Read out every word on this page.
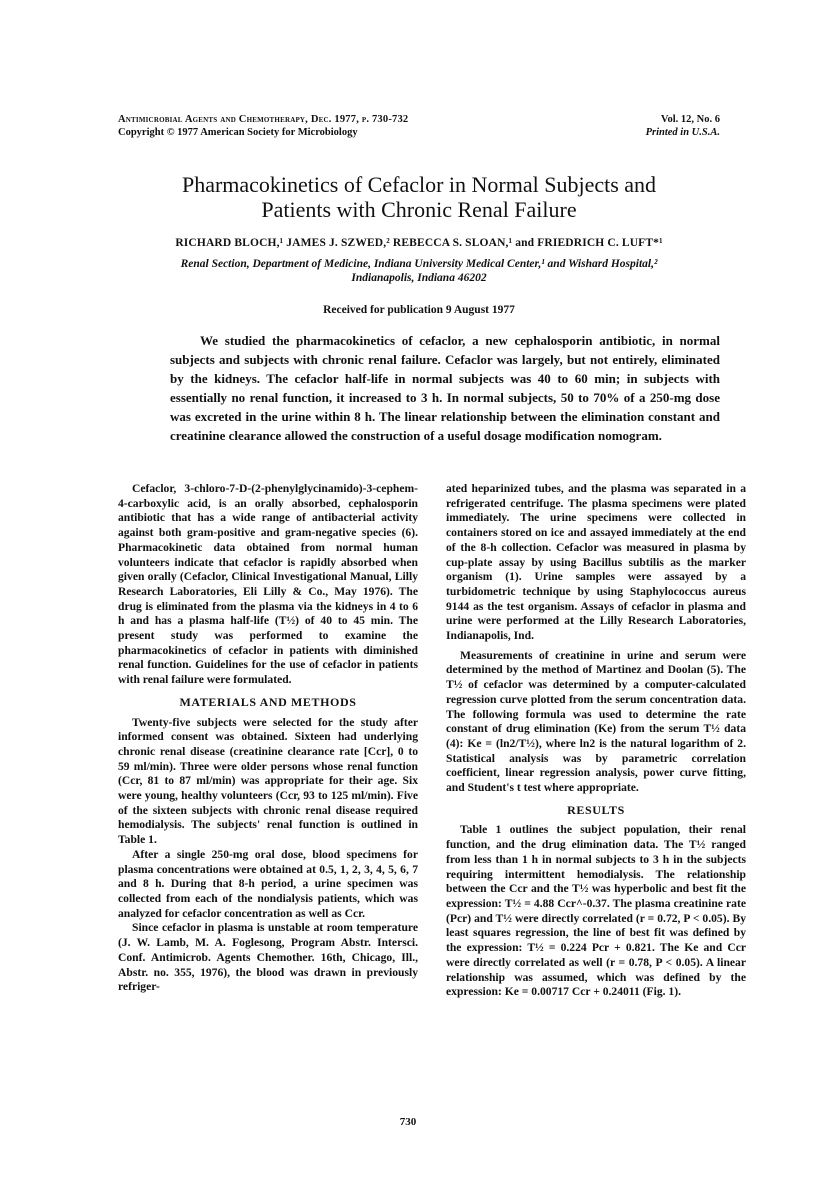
Antimicrobial Agents and Chemotherapy, Dec. 1977, p. 730-732
Copyright © 1977 American Society for Microbiology
Vol. 12, No. 6
Printed in U.S.A.
Pharmacokinetics of Cefaclor in Normal Subjects and
Patients with Chronic Renal Failure
RICHARD BLOCH,¹ JAMES J. SZWED,² REBECCA S. SLOAN,¹ and FRIEDRICH C. LUFT*¹
Renal Section, Department of Medicine, Indiana University Medical Center,¹ and Wishard Hospital,²
Indianapolis, Indiana 46202
Received for publication 9 August 1977

We studied the pharmacokinetics of cefaclor, a new cephalosporin antibiotic, in normal subjects and subjects with chronic renal failure. Cefaclor was largely, but not entirely, eliminated by the kidneys. The cefaclor half-life in normal subjects was 40 to 60 min; in subjects with essentially no renal function, it increased to 3 h. In normal subjects, 50 to 70% of a 250-mg dose was excreted in the urine within 8 h. The linear relationship between the elimination constant and creatinine clearance allowed the construction of a useful dosage modification nomogram.

Cefaclor, 3-chloro-7-D-(2-phenylglycinamido)-3-cephem-4-carboxylic acid, is an orally absorbed, cephalosporin antibiotic that has a wide range of antibacterial activity against both gram-positive and gram-negative species (6). Pharmacokinetic data obtained from normal human volunteers indicate that cefaclor is rapidly absorbed when given orally (Cefaclor, Clinical Investigational Manual, Lilly Research Laboratories, Eli Lilly & Co., May 1976). The drug is eliminated from the plasma via the kidneys in 4 to 6 h and has a plasma half-life (T½) of 40 to 45 min. The present study was performed to examine the pharmacokinetics of cefaclor in patients with diminished renal function. Guidelines for the use of cefaclor in patients with renal failure were formulated.

MATERIALS AND METHODS

Twenty-five subjects were selected for the study after informed consent was obtained. Sixteen had underlying chronic renal disease (creatinine clearance rate [Ccr], 0 to 59 ml/min). Three were older persons whose renal function (Ccr, 81 to 87 ml/min) was appropriate for their age. Six were young, healthy volunteers (Ccr, 93 to 125 ml/min). Five of the sixteen subjects with chronic renal disease required hemodialysis. The subjects' renal function is outlined in Table 1.

After a single 250-mg oral dose, blood specimens for plasma concentrations were obtained at 0.5, 1, 2, 3, 4, 5, 6, 7 and 8 h. During that 8-h period, a urine specimen was collected from each of the nondialysis patients, which was analyzed for cefaclor concentration as well as Ccr.

Since cefaclor in plasma is unstable at room temperature (J. W. Lamb, M. A. Foglesong, Program Abstr. Intersci. Conf. Antimicrob. Agents Chemother. 16th, Chicago, Ill., Abstr. no. 355, 1976), the blood was drawn in previously refriger-

ated heparinized tubes, and the plasma was separated in a refrigerated centrifuge. The plasma specimens were plated immediately. The urine specimens were collected in containers stored on ice and assayed immediately at the end of the 8-h collection. Cefaclor was measured in plasma by cup-plate assay by using Bacillus subtilis as the marker organism (1). Urine samples were assayed by a turbidometric technique by using Staphylococcus aureus 9144 as the test organism. Assays of cefaclor in plasma and urine were performed at the Lilly Research Laboratories, Indianapolis, Ind.

Measurements of creatinine in urine and serum were determined by the method of Martinez and Doolan (5). The T½ of cefaclor was determined by a computer-calculated regression curve plotted from the serum concentration data. The following formula was used to determine the rate constant of drug elimination (Ke) from the serum T½ data (4): Ke = (ln2/T½), where ln2 is the natural logarithm of 2. Statistical analysis was by parametric correlation coefficient, linear regression analysis, power curve fitting, and Student's t test where appropriate.

RESULTS

Table 1 outlines the subject population, their renal function, and the drug elimination data. The T½ ranged from less than 1 h in normal subjects to 3 h in the subjects requiring intermittent hemodialysis. The relationship between the Ccr and the T½ was hyperbolic and best fit the expression: T½ = 4.88 Ccr^-0.37. The plasma creatinine rate (Pcr) and T½ were directly correlated (r = 0.72, P < 0.05). By least squares regression, the line of best fit was defined by the expression: T½ = 0.224 Pcr + 0.821. The Ke and Ccr were directly correlated as well (r = 0.78, P < 0.05). A linear relationship was assumed, which was defined by the expression: Ke = 0.00717 Ccr + 0.24011 (Fig. 1).

730
